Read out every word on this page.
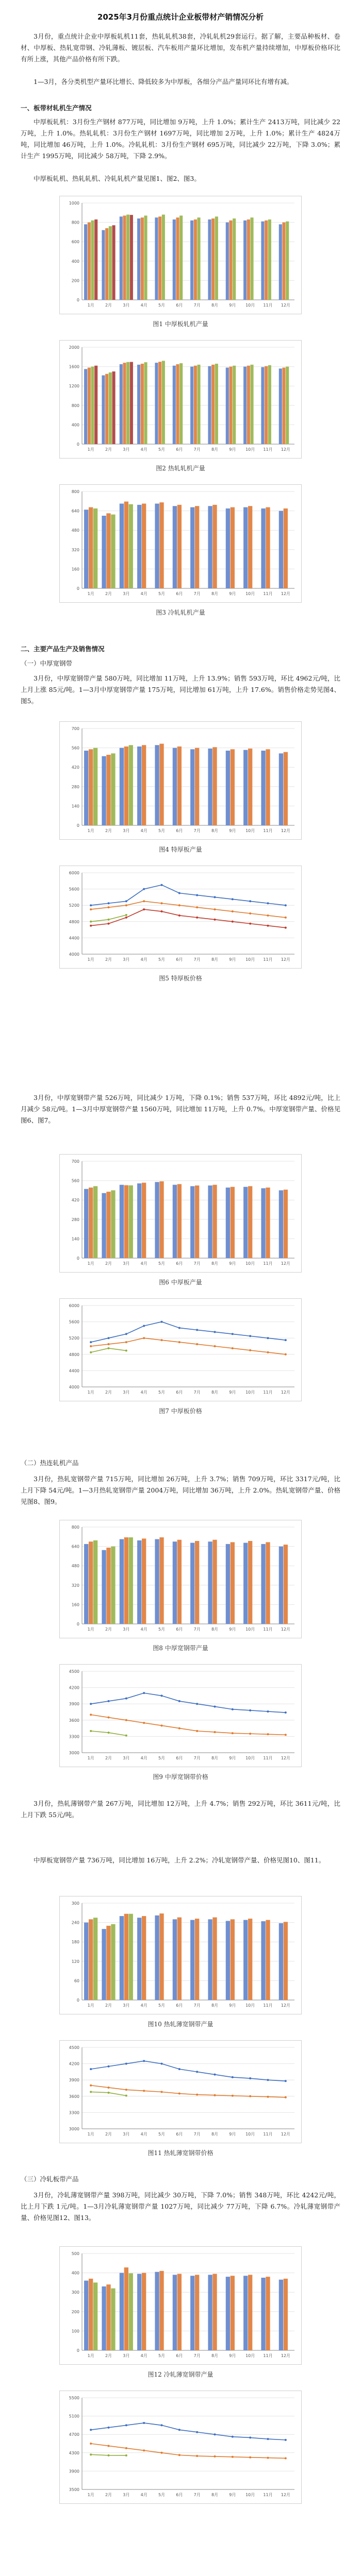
2025年3月份重点统计企业板带材产销情况分析
3月份，重点统计企业中厚板轧机11套，热轧轧机38套，冷轧轧机29套运行。据了解，主要品种板材、卷材、中厚板、热轧宽带钢、冷轧薄板、镀层板、汽车板用产量环比增加，发布机产量持续增加，中厚板价格环比有所上涨，其他产品价格有所下跌。
1—3月，各分类机型产量环比增长、降低较多为中厚板，各细分产品产量同环比有增有减。
一、板带材轧机生产情况
中厚板轧机：3月份生产钢材 877万吨，同比增加 9万吨，上升 1.0%；累计生产 2413万吨，同比减少 22万吨，上升 1.0%。热轧轧机：3月份生产钢材 1697万吨，同比增加 2万吨，上升 1.0%；累计生产 4824万吨，同比增加 46万吨，上升 1.0%。冷轧轧机：3月份生产钢材 695万吨，同比减少 22万吨，下降 3.0%；累计生产 1995万吨，同比减少 58万吨，下降 2.9%。
中厚板轧机、热轧轧机、冷轧轧机产量见图1、图2、图3。
0
200
400
600
800
1000
1月	2月	3月	4月	5月	6月	7月	8月	9月 10月 11月 12月
图1 中厚板轧机产量
0
400
800
1200
1600
2000
1月	2月	3月	4月	5月	6月	7月	8月	9月 10月 11月 12月
图2 热轧轧机产量
0
160
320
480
640
800
1月	2月	3月	4月	5月	6月	7月	8月	9月 10月 11月 12月
图3 冷轧轧机产量
二、主要产品生产及销售情况
（一）中厚宽钢带
3月份，中厚宽钢带产量 580万吨，同比增加 11万吨，上升 13.9%；销售 593万吨，环比 4962元/吨，比上月上涨 85元/吨。1—3月中厚宽钢带产量 175万吨，同比增加 61万吨，上升 17.6%。销售价格走势见图4、图5。
0
140
280
420
560
700
1月	2月	3月	4月	5月	6月	7月	8月	9月 10月 11月 12月
图4 特厚板产量
4000
4400
4800
5200
5600
6000
1月	2月	3月	4月	5月	6月	7月	8月	9月 10月 11月 12月
图5 特厚板价格
3月份，中厚宽钢带产量 526万吨，同比减少 1万吨，下降 0.1%；销售 537万吨，环比 4892元/吨，比上月减少 58元/吨。1—3月中厚宽钢带产量 1560万吨，同比增加 11万吨，上升 0.7%。中厚宽钢带产量、价格见图6、图7。
0
140
280
420
560
700
1月	2月	3月	4月	5月	6月	7月	8月	9月 10月 11月 12月
图6 中厚板产量
4000
4400
4800
5200
5600
6000
1月	2月	3月	4月	5月	6月	7月	8月	9月 10月 11月 12月
图7 中厚板价格
（二）热连轧机产品
3月份，热轧宽钢带产量 715万吨，同比增加 26万吨，上升 3.7%；销售 709万吨，环比 3317元/吨，比上月下降 54元/吨。1—3月热轧宽钢带产量 2004万吨，同比增加 36万吨，上升 2.0%。热轧宽钢带产量、价格见图8、图9。
0
160
320
480
640
800
1月	2月	3月	4月	5月	6月	7月	8月	9月 10月 11月 12月
图8 中厚宽钢带产量
3000
3300
3600
3900
4200
4500
1月	2月	3月	4月	5月	6月	7月	8月	9月 10月 11月 12月
图9 中厚宽钢带价格
3月份，热轧薄钢带产量 267万吨，同比增加 12万吨，上升 4.7%；销售 292万吨，环比 3611元/吨，比上月下跌 55元/吨。
中厚板宽钢带产量 736万吨，同比增加 16万吨，上升 2.2%；冷轧宽钢带产量、价格见图10、图11。
0
60
120
180
240
300
1月	2月	3月	4月	5月	6月	7月	8月	9月 10月 11月 12月
图10 热轧薄宽钢带产量
3000
3300
3600
3900
4200
4500
1月	2月	3月	4月	5月	6月	7月	8月	9月 10月 11月 12月
图11 热轧薄宽钢带价格
（三）冷轧板带产品
3月份，冷轧薄宽钢带产量 398万吨，同比减少 30万吨，下降 7.0%；销售 348万吨，环比 4242元/吨，比上月下跌 1元/吨。1—3月冷轧薄宽钢带产量 1027万吨，同比减少 77万吨，下降 6.7%。冷轧薄宽钢带产量、价格见图12、图13。
0
100
200
300
400
500
1月	2月	3月	4月	5月	6月	7月	8月	9月 10月 11月 12月
图12 冷轧薄宽钢带产量
3500
3900
4300
4700
5100
5500
1月	2月	3月	4月	5月	6月	7月	8月	9月 10月 11月 12月
